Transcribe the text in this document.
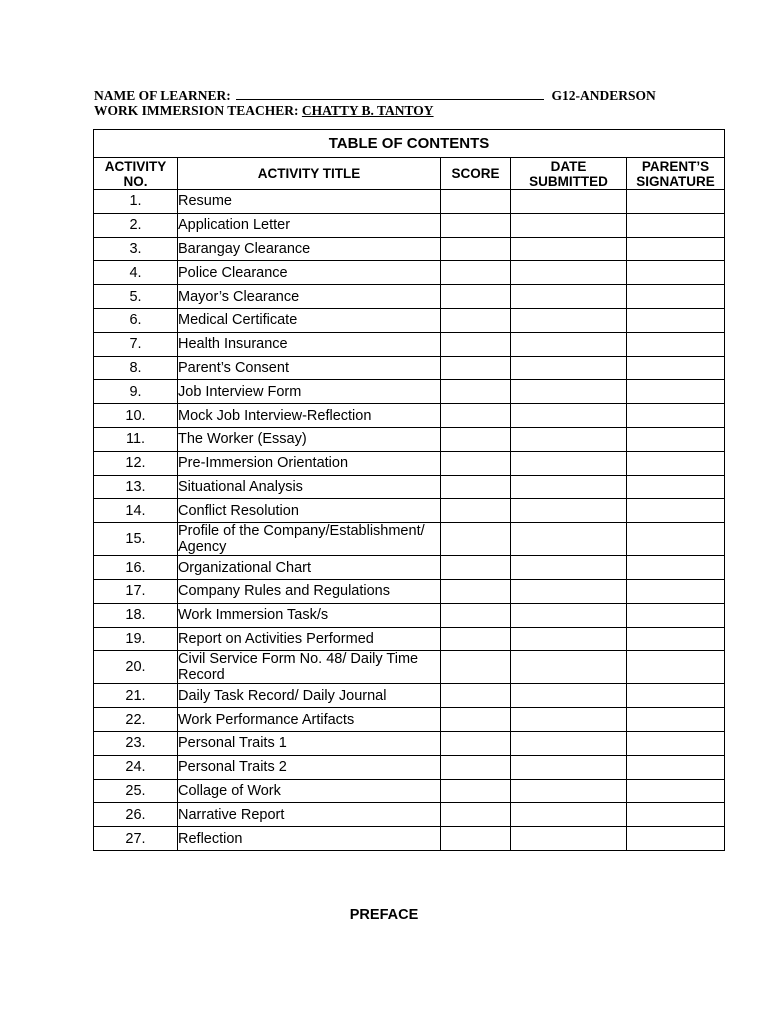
NAME OF LEARNER:	G12-ANDERSON
WORK IMMERSION TEACHER: CHATTY B. TANTOY
TABLE OF CONTENTS				
ACTIVITY NO.	ACTIVITY TITLE	SCORE	DATE SUBMITTED	PARENT’S SIGNATURE
1.	Resume			
2.	Application Letter			
3.	Barangay Clearance			
4.	Police Clearance			
5.	Mayor’s Clearance			
6.	Medical Certificate			
7.	Health Insurance			
8.	Parent’s Consent			
9.	Job Interview Form			
10.	Mock Job Interview-Reflection			
11.	The Worker (Essay)			
12.	Pre-Immersion Orientation			
13.	Situational Analysis			
14.	Conflict Resolution			
15.	Profile of the Company/Establishment/ Agency			
16.	Organizational Chart			
17.	Company Rules and Regulations			
18.	Work Immersion Task/s			
19.	Report on Activities Performed			
20.	Civil Service Form No. 48/ Daily Time Record			
21.	Daily Task Record/ Daily Journal			
22.	Work Performance Artifacts			
23.	Personal Traits 1			
24.	Personal Traits 2			
25.	Collage of Work			
26.	Narrative Report			
27.	Reflection			
PREFACE
